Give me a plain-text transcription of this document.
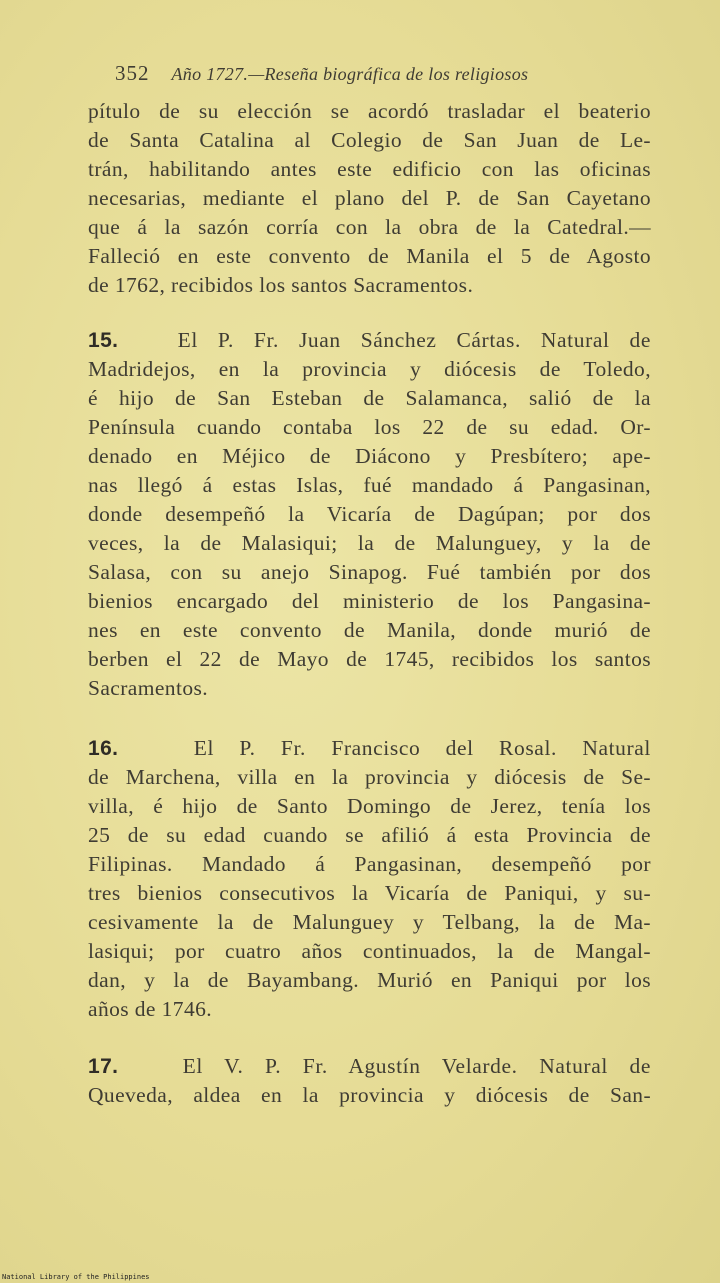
352 Año 1727.—Reseña biográfica de los religiosos
pítulo de su elección se acordó trasladar el beaterio
de Santa Catalina al Colegio de San Juan de Le-
trán, habilitando antes este edificio con las oficinas
necesarias, mediante el plano del P. de San Cayetano
que á la sazón corría con la obra de la Catedral.—
Falleció en este convento de Manila el 5 de Agosto
de 1762, recibidos los santos Sacramentos.
15.	El P. Fr. Juan Sánchez Cártas. Natural de
Madridejos, en la provincia y diócesis de Toledo,
é hijo de San Esteban de Salamanca, salió de la
Península cuando contaba los 22 de su edad. Or-
denado en Méjico de Diácono y Presbítero; ape-
nas llegó á estas Islas, fué mandado á Pangasinan,
donde desempeñó la Vicaría de Dagúpan; por dos
veces, la de Malasiqui; la de Malunguey, y la de
Salasa, con su anejo Sinapog. Fué también por dos
bienios encargado del ministerio de los Pangasina-
nes en este convento de Manila, donde murió de
berben el 22 de Mayo de 1745, recibidos los santos
Sacramentos.
16.	El P. Fr. Francisco del Rosal. Natural
de Marchena, villa en la provincia y diócesis de Se-
villa, é hijo de Santo Domingo de Jerez, tenía los
25 de su edad cuando se afilió á esta Provincia de
Filipinas. Mandado á Pangasinan, desempeñó por
tres bienios consecutivos la Vicaría de Paniqui, y su-
cesivamente la de Malunguey y Telbang, la de Ma-
lasiqui; por cuatro años continuados, la de Mangal-
dan, y la de Bayambang. Murió en Paniqui por los
años de 1746.
17.	El V. P. Fr. Agustín Velarde. Natural de
Queveda, aldea en la provincia y diócesis de San-
National Library of the Philippines
